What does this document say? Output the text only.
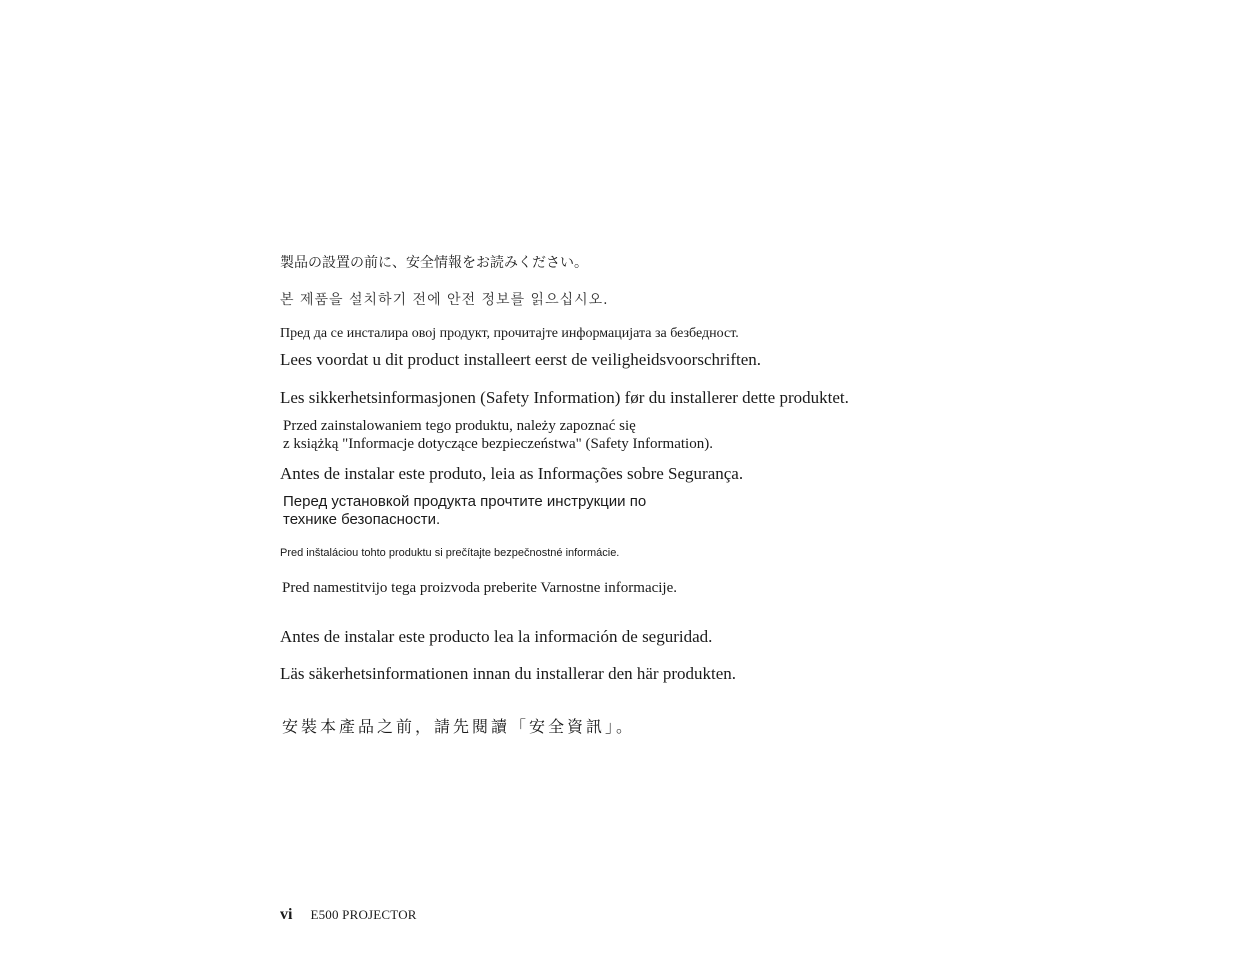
製品の設置の前に、安全情報をお読みください。

본 제품을 설치하기 전에 안전 정보를 읽으십시오.

Пред да се инсталира овој продукт, прочитајте информацијата за безбедност.

Lees voordat u dit product installeert eerst de veiligheidsvoorschriften.

Les sikkerhetsinformasjonen (Safety Information) før du installerer dette produktet.

Przed zainstalowaniem tego produktu, należy zapoznać się

z książką "Informacje dotyczące bezpieczeństwa" (Safety Information).

Antes de instalar este produto, leia as Informações sobre Segurança.

Перед установкой продукта прочтите инструкции по

технике безопасности.

Pred inštaláciou tohto produktu si prečítajte bezpečnostné informácie.

Pred namestitvijo tega proizvoda preberite Varnostne informacije.

Antes de instalar este producto lea la información de seguridad.

Läs säkerhetsinformationen innan du installerar den här produkten.

安裝本產品之前，請先閱讀「安全資訊」。

vi E500 PROJECTOR
